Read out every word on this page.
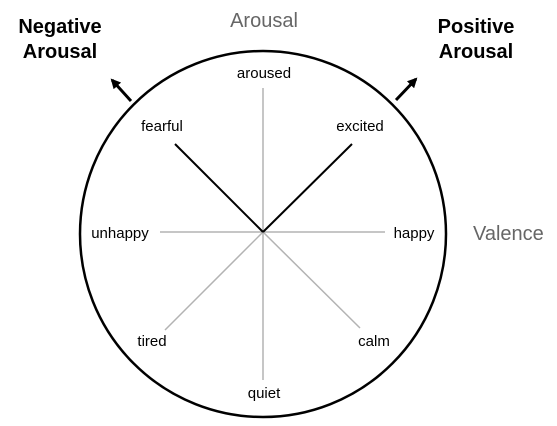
Arousal
Valence
Negative
Arousal
Positive
Arousal
aroused
fearful	excited
unhappy	happy
tired	calm
quiet
